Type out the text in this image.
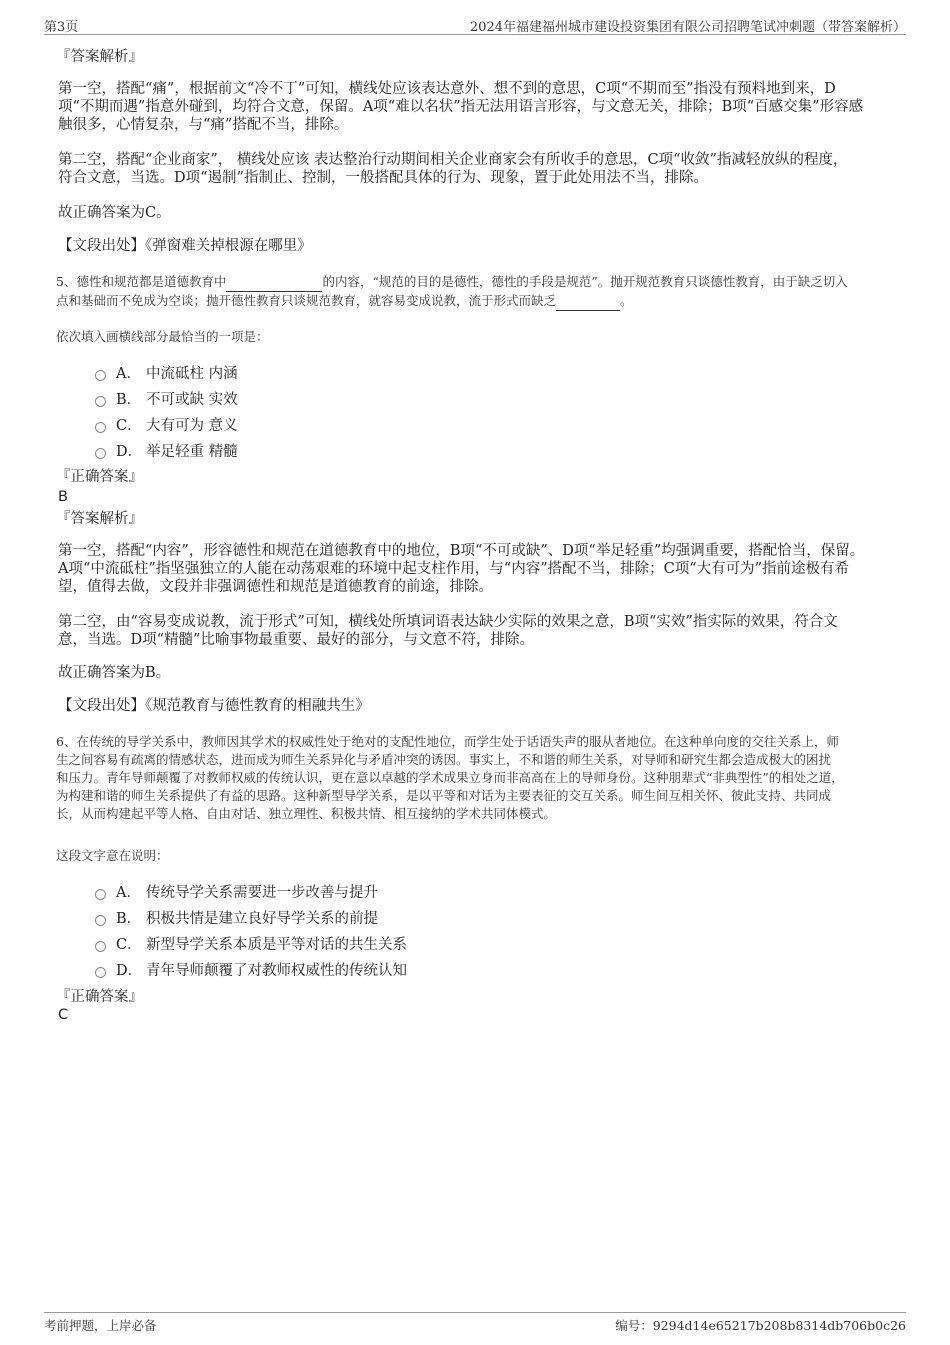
第3页	2024年福建福州城市建设投资集团有限公司招聘笔试冲刺题（带答案解析）
『答案解析』
第一空，搭配“痛”，根据前文“冷不丁”可知，横线处应该表达意外、想不到的意思，C项“不期而至”指没有预料地到来，D
项“不期而遇”指意外碰到，均符合文意，保留。A项“难以名状”指无法用语言形容，与文意无关，排除；B项“百感交集”形容感
触很多，心情复杂，与“痛”搭配不当，排除。
第二空，搭配“企业商家”， 横线处应该 表达整治行动期间相关企业商家会有所收手的意思，C项“收敛”指减轻放纵的程度，
符合文意，当选。D项“遏制”指制止、控制，一般搭配具体的行为、现象，置于此处用法不当，排除。
故正确答案为C。
【文段出处】《弹窗难关掉根源在哪里》
5、德性和规范都是道德教育中	的内容，“规范的目的是德性，德性的手段是规范”。抛开规范教育只谈德性教育，由于缺乏切入
点和基础而不免成为空谈；抛开德性教育只谈规范教育，就容易变成说教，流于形式而缺乏	。
依次填入画横线部分最恰当的一项是：
A． 中流砥柱 内涵
B． 不可或缺 实效
C． 大有可为 意义
D． 举足轻重 精髓
『正确答案』
B
『答案解析』
第一空，搭配“内容”，形容德性和规范在道德教育中的地位，B项“不可或缺”、D项“举足轻重”均强调重要，搭配恰当，保留。
A项“中流砥柱”指坚强独立的人能在动荡艰难的环境中起支柱作用，与“内容”搭配不当，排除；C项“大有可为”指前途极有希
望，值得去做，文段并非强调德性和规范是道德教育的前途，排除。
第二空，由“容易变成说教，流于形式”可知，横线处所填词语表达缺少实际的效果之意，B项“实效”指实际的效果，符合文
意，当选。D项“精髓”比喻事物最重要、最好的部分，与文意不符，排除。
故正确答案为B。
【文段出处】《规范教育与德性教育的相融共生》
6、在传统的导学关系中，教师因其学术的权威性处于绝对的支配性地位，而学生处于话语失声的服从者地位。在这种单向度的交往关系上，师
生之间容易有疏离的情感状态，进而成为师生关系异化与矛盾冲突的诱因。事实上，不和谐的师生关系，对导师和研究生都会造成极大的困扰
和压力。青年导师颠覆了对教师权威的传统认识，更在意以卓越的学术成果立身而非高高在上的导师身份。这种朋辈式“非典型性”的相处之道，
为构建和谐的师生关系提供了有益的思路。这种新型导学关系，是以平等和对话为主要表征的交互关系。师生间互相关怀、彼此支持、共同成
长，从而构建起平等人格、自由对话、独立理性、积极共情、相互接纳的学术共同体模式。
这段文字意在说明：
A． 传统导学关系需要进一步改善与提升
B． 积极共情是建立良好导学关系的前提
C． 新型导学关系本质是平等对话的共生关系
D． 青年导师颠覆了对教师权威性的传统认知
『正确答案』
C
考前押题，上岸必备	编号：9294d14e65217b208b8314db706b0c26
